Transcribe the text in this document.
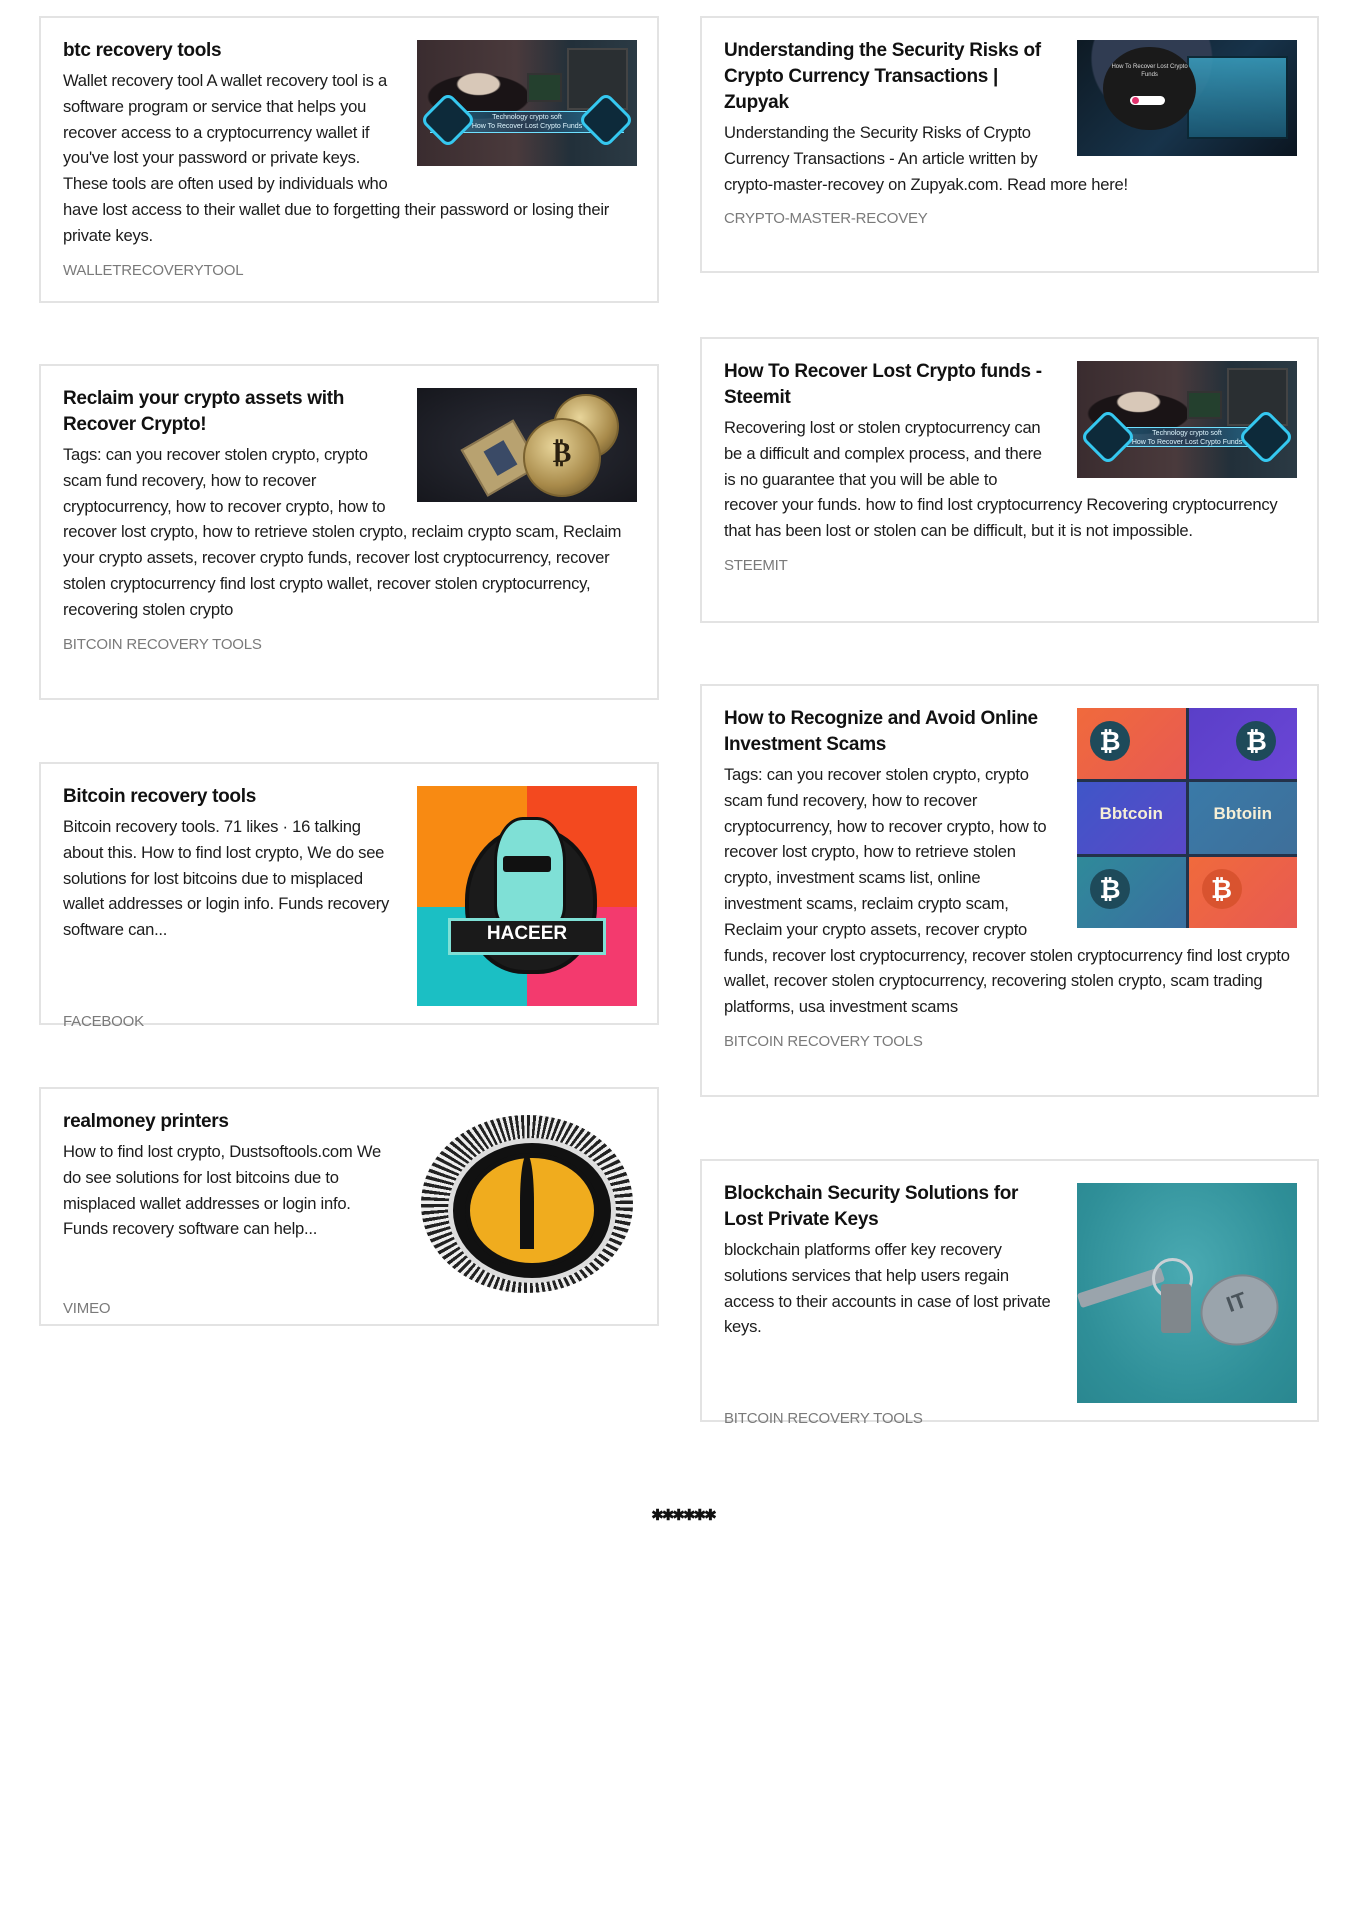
Technology crypto soft
How To Recover Lost Crypto Funds
btc recovery tools

Wallet recovery tool A wallet recovery tool is a software program or service that helps you recover access to a cryptocurrency wallet if you've lost your password or private keys. These tools are often used by individuals who have lost access to their wallet due to forgetting their password or losing their private keys.

WALLETRECOVERYTOOL
₿
Reclaim your crypto assets with Recover Crypto!

Tags: can you recover stolen crypto, crypto scam fund recovery, how to recover cryptocurrency, how to recover crypto, how to recover lost crypto, how to retrieve stolen crypto, reclaim crypto scam, Reclaim your crypto assets, recover crypto funds, recover lost cryptocurrency, recover stolen cryptocurrency find lost crypto wallet, recover stolen cryptocurrency, recovering stolen crypto

BITCOIN RECOVERY TOOLS
HACEER
Bitcoin recovery tools

Bitcoin recovery tools. 71 likes · 16 talking about this. How to find lost crypto, We do see solutions for lost bitcoins due to misplaced wallet addresses or login info. Funds recovery software can...

FACEBOOK
realmoney printers

How to find lost crypto, Dustsoftools.com We do see solutions for lost bitcoins due to misplaced wallet addresses or login info. Funds recovery software can help...

VIMEO
How To Recover Lost Crypto Funds
Understanding the Security Risks of Crypto Currency Transactions | Zupyak

Understanding the Security Risks of Crypto Currency Transactions - An article written by crypto-master-recovey on Zupyak.com. Read more here!

CRYPTO-MASTER-RECOVEY
Technology crypto soft
How To Recover Lost Crypto Funds
How To Recover Lost Crypto funds - Steemit

Recovering lost or stolen cryptocurrency can be a difficult and complex process, and there is no guarantee that you will be able to recover your funds. how to find lost cryptocurrency Recovering cryptocurrency that has been lost or stolen can be difficult, but it is not impossible.

STEEMIT
₿	₿
Bbtcoin	Bbtoiin
₿	₿
How to Recognize and Avoid Online Investment Scams

Tags: can you recover stolen crypto, crypto scam fund recovery, how to recover cryptocurrency, how to recover crypto, how to recover lost crypto, how to retrieve stolen crypto, investment scams list, online investment scams, reclaim crypto scam, Reclaim your crypto assets, recover crypto funds, recover lost cryptocurrency, recover stolen cryptocurrency find lost crypto wallet, recover stolen cryptocurrency, recovering stolen crypto, scam trading platforms, usa investment scams

BITCOIN RECOVERY TOOLS
IT
Blockchain Security Solutions for Lost Private Keys

blockchain platforms offer key recovery solutions services that help users regain access to their accounts in case of lost private keys.

BITCOIN RECOVERY TOOLS
✱✱✱✱✱✱
